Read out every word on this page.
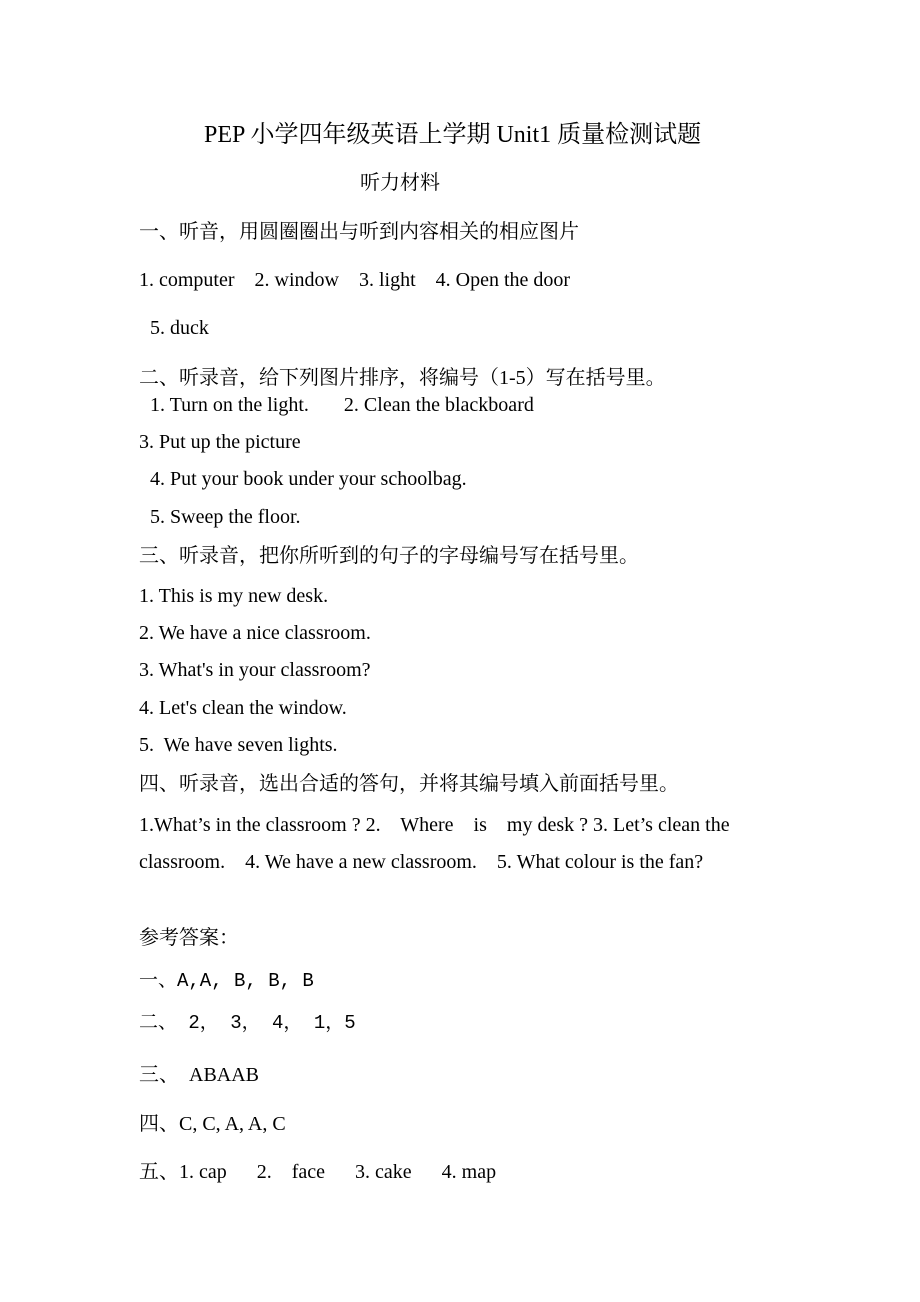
PEP 小学四年级英语上学期 Unit1 质量检测试题
听力材料
一、听音，用圆圈圈出与听到内容相关的相应图片
1. computer    2. window    3. light    4. Open the door
5. duck
二、听录音，给下列图片排序，将编号（1-5）写在括号里。
1. Turn on the light.       2. Clean the blackboard
3. Put up the picture
4. Put your book under your schoolbag.
5. Sweep the floor.
三、听录音，把你所听到的句子的字母编号写在括号里。
1. This is my new desk.
2. We have a nice classroom.
3. What's in your classroom?
4. Let's clean the window.
5.  We have seven lights.
四、听录音，选出合适的答句，并将其编号填入前面括号里。
1.What’s in the classroom ? 2.    Where    is    my desk ? 3. Let’s clean the
classroom.    4. We have a new classroom.    5. What colour is the fan?
参考答案：
一、A,A, B, B, B
二、 2， 3， 4， 1，5
三、  ABAAB
四、C, C, A, A, C
五、1. cap      2.    face      3. cake      4. map
